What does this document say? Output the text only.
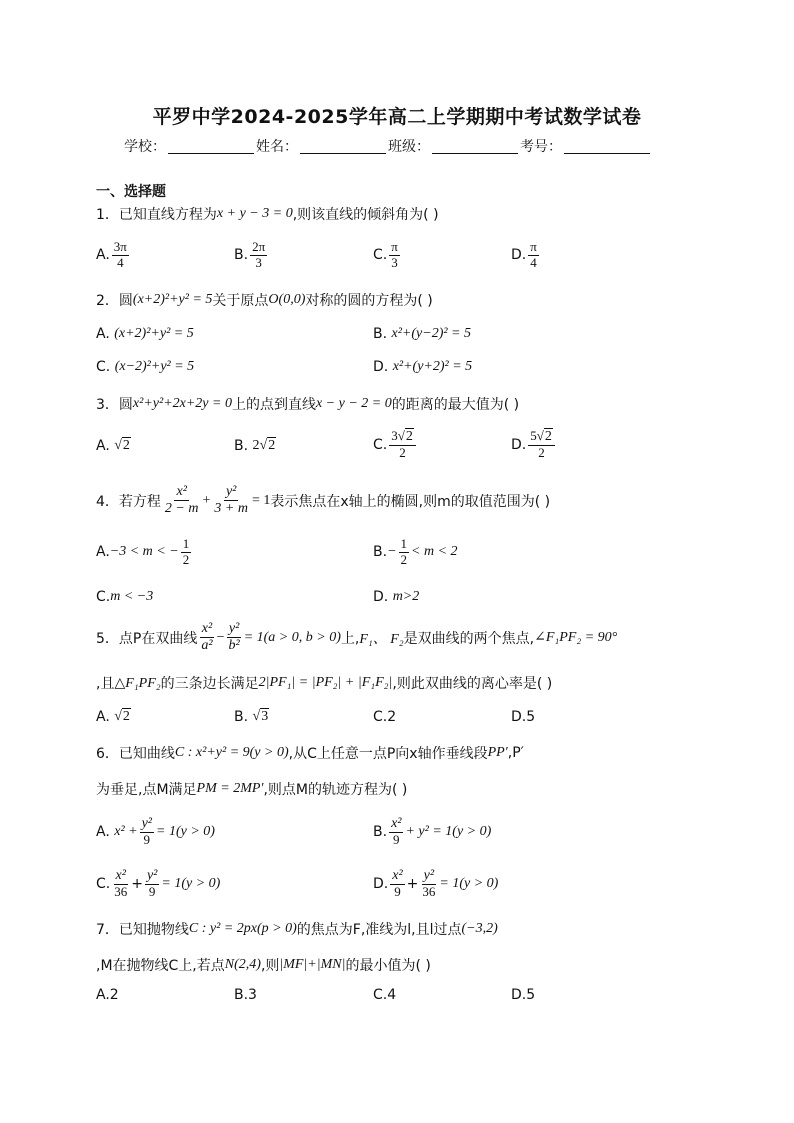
平罗中学2024-2025学年高二上学期期中考试数学试卷
学校：	姓名：	班级：	考号：
一、选择题
1． 已知直线方程为 x + y − 3 = 0 ,则该直线的倾斜角为( )
A. $\frac{3\pi}{4}$	B. $\frac{2\pi}{3}$	C. $\frac{\pi}{3}$	D. $\frac{\pi}{4}$
2． 圆 (x+2)²+y² = 5 关于原点 O(0,0) 对称的圆的方程为( )
A.
(x+2)²+y² = 5	B.
x²+(y−2)² = 5
C.
(x−2)²+y² = 5	D.
x²+(y+2)² = 5
3． 圆 x²+y²+2x+2y = 0 上的点到直线 x − y − 2 = 0 的距离的最大值为( )
A.
√2	B.
2√2	C. $\frac{3√2}{2}$	D. $\frac{5√2}{2}$
4． 若方程 $\frac{\text{x²}}{2 - m} + \frac{\text{y²}}{3 + m} = 1$ 表示焦点在x轴上的椭圆,则m的取值范围为( )
A. −3 < m < − $\frac{1}{2}$	B. − $\frac{1}{2} < m < 2$
C. m < −3	D.
m>2
5． 点P在双曲线 $\frac{\text{x²}}{\text{a²}} - \frac{\text{y²}}{\text{b²}} = 1(a > 0$, b > 0) 上, F₁、 F₂ 是双曲线的两个焦点, ∠F₁PF₂ = 90°
,且 △F₁PF₂ 的三条边长满足 2|PF₁| = |PF₂| + |F₁F₂| ,则此双曲线的离心率是( )
A.
√2	B.
√3	C.2	D.5
6． 已知曲线 C : x²+y² = 9(y > 0) ,从C上任意一点P向x轴作垂线段 PP′ ,P′
为垂足,点M满足 PM = 2MP′ ,则点M的轨迹方程为( )
A.
$x^2 + \frac{\text{y²}}{9} = 1(y > 0)$	B. $\frac{\text{x²}}{9} + y^2 = 1(y > 0)$
C. $\frac{\text{x²}}{36} + \frac{\text{y²}}{9} = 1(y > 0)$	D. $\frac{\text{x²}}{9} + \frac{\text{y²}}{36} = 1(y > 0)$
7． 已知抛物线 C : y² = 2px(p > 0) 的焦点为F,准线为l,且l过点 (−3,2)
,M在抛物线C上,若点 N(2,4) ,则 |MF|+|MN| 的最小值为( )
A.2	B.3	C.4	D.5
